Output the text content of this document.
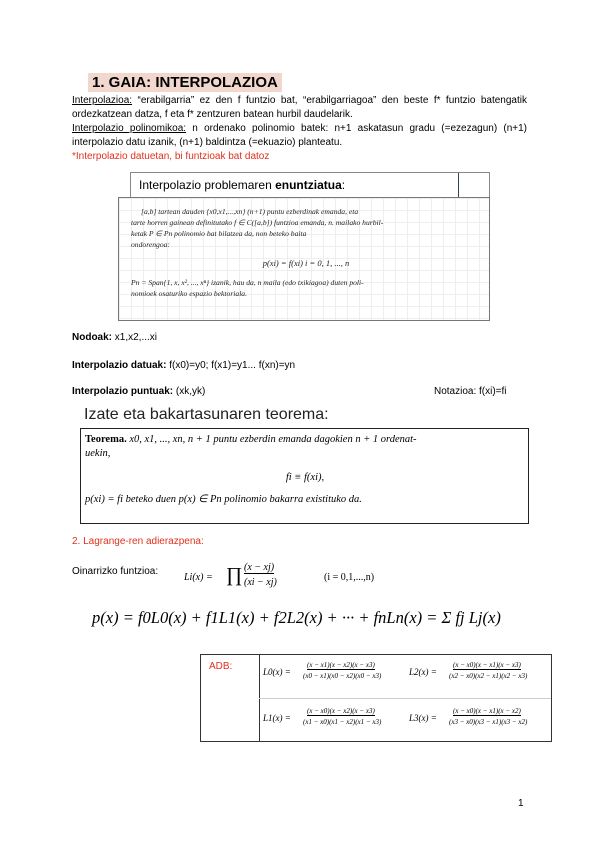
1. GAIA: INTERPOLAZIOA
Interpolazioa: “erabilgarria” ez den f funtzio bat, “erabilgarriagoa” den beste f* funtzio batengatik ordezkatzean datza, f eta f* zentzuren batean hurbil daudelarik.
Interpolazio polinomikoa: n ordenako polinomio batek: n+1 askatasun gradu (=ezezagun) (n+1) interpolazio datu izanik, (n+1) baldintza (=ekuazio) planteatu.
*Interpolazio datuetan, bi funtzioak bat datoz
Interpolazio problemaren enuntziatua:
[a,b] tartean dauden {x0,x1,...,xn} (n+1) puntu ezberdinak emanda, eta
tarte horren gainean definitutako f ∈ C([a,b]) funtzioa emanda, n. mailako hurbil-
ketak P ∈ Pn polinomio bat bilatzea da, non beteko baita
ondorengoa:
p(xi) = f(xi) i = 0, 1, ..., n
Pn = Span{1, x, x², ..., xⁿ} izanik, hau da, n maila (edo txikiagoa) duten poli-
nomioek osaturiko espazio bektoriala.
Nodoak: x1,x2,...xi
Interpolazio datuak: f(x0)=y0; f(x1)=y1... f(xn)=yn
Interpolazio puntuak: (xk,yk)	Notazioa: f(xi)=fi
Izate eta bakartasunaren teorema:
Teorema. x0, x1, ..., xn, n + 1 puntu ezberdin emanda dagokien n + 1 ordenat-
uekin,
fi ≡ f(xi),
p(xi) = fi beteko duen p(x) ∈ Pn polinomio bakarra existituko da.
2. Lagrange-ren adierazpena:
Oinarrizko funtzioa:
Li(x) = ∏ (x − xj)
(xi − xj)	(i = 0,1,...,n)
p(x) = f0L0(x) + f1L1(x) + f2L2(x) + ··· + fnLn(x) = Σ fj Lj(x)
ADB:	L0(x) =
(x − x1)(x − x2)(x − x3)
(x0 − x1)(x0 − x2)(x0 − x3)	L2(x) =
(x − x0)(x − x1)(x − x3)
(x2 − x0)(x2 − x1)(x2 − x3)
L1(x) =
(x − x0)(x − x2)(x − x3)
(x1 − x0)(x1 − x2)(x1 − x3)	L3(x) =
(x − x0)(x − x1)(x − x2)
(x3 − x0)(x3 − x1)(x3 − x2)
1
